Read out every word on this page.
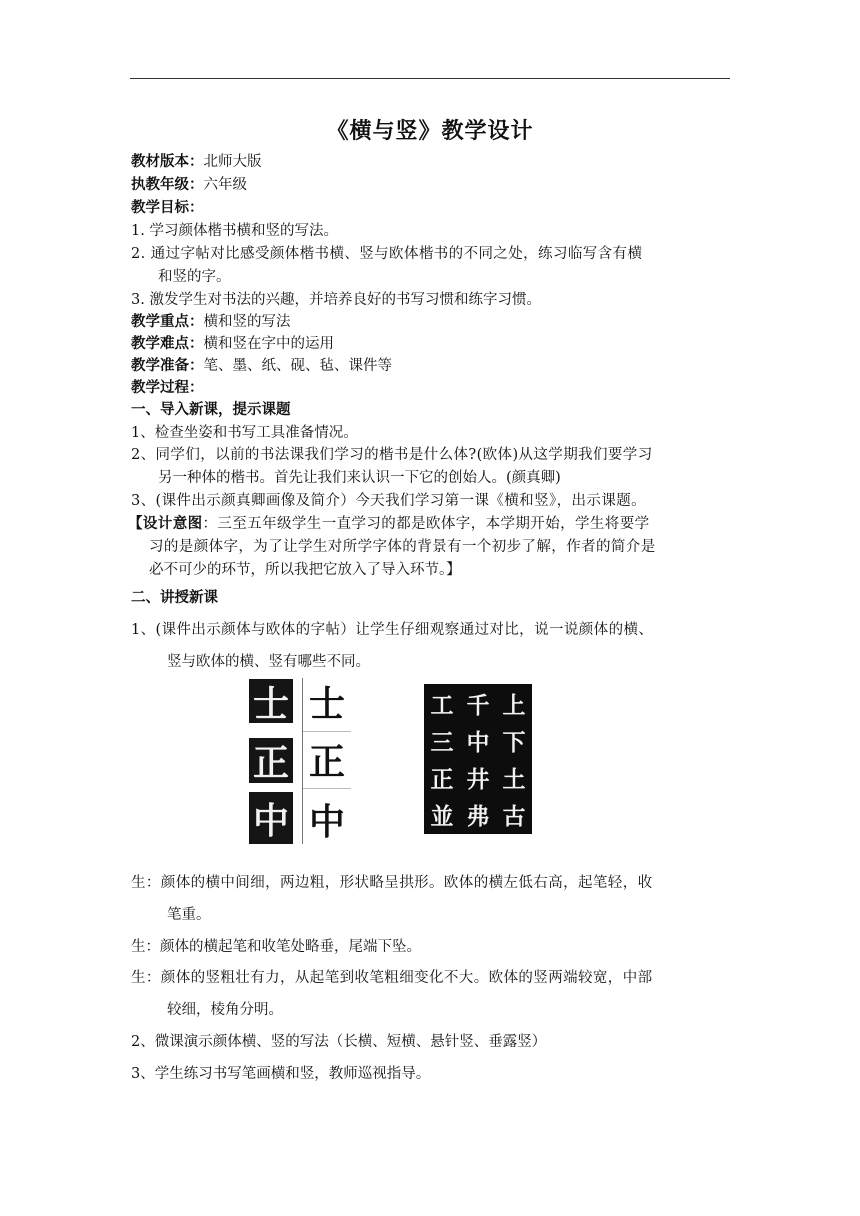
《横与竖》教学设计
教材版本：北师大版
执教年级：六年级
教学目标：
1. 学习颜体楷书横和竖的写法。
2. 通过字帖对比感受颜体楷书横、竖与欧体楷书的不同之处，练习临写含有横
和竖的字。
3. 激发学生对书法的兴趣，并培养良好的书写习惯和练字习惯。
教学重点：横和竖的写法
教学难点：横和竖在字中的运用
教学准备：笔、墨、纸、砚、毡、课件等
教学过程：
一、导入新课，提示课题
1、检查坐姿和书写工具准备情况。
2、同学们，以前的书法课我们学习的楷书是什么体?(欧体)从这学期我们要学习
另一种体的楷书。首先让我们来认识一下它的创始人。(颜真卿)
3、(课件出示颜真卿画像及简介）今天我们学习第一课《横和竖》，出示课题。
【设计意图：三至五年级学生一直学习的都是欧体字，本学期开始，学生将要学
习的是颜体字，为了让学生对所学字体的背景有一个初步了解，作者的简介是
必不可少的环节，所以我把它放入了导入环节。】
二、讲授新课
1、(课件出示颜体与欧体的字帖）让学生仔细观察通过对比，说一说颜体的横、
竖与欧体的横、竖有哪些不同。
士
正
中
士
正
中
工 千 上
三 中 下
正 井 土
並 弗 古
生：颜体的横中间细，两边粗，形状略呈拱形。欧体的横左低右高，起笔轻，收
笔重。
生：颜体的横起笔和收笔处略垂，尾端下坠。
生：颜体的竖粗壮有力，从起笔到收笔粗细变化不大。欧体的竖两端较宽，中部
较细，棱角分明。
2、微课演示颜体横、竖的写法（长横、短横、悬针竖、垂露竖）
3、学生练习书写笔画横和竖，教师巡视指导。
